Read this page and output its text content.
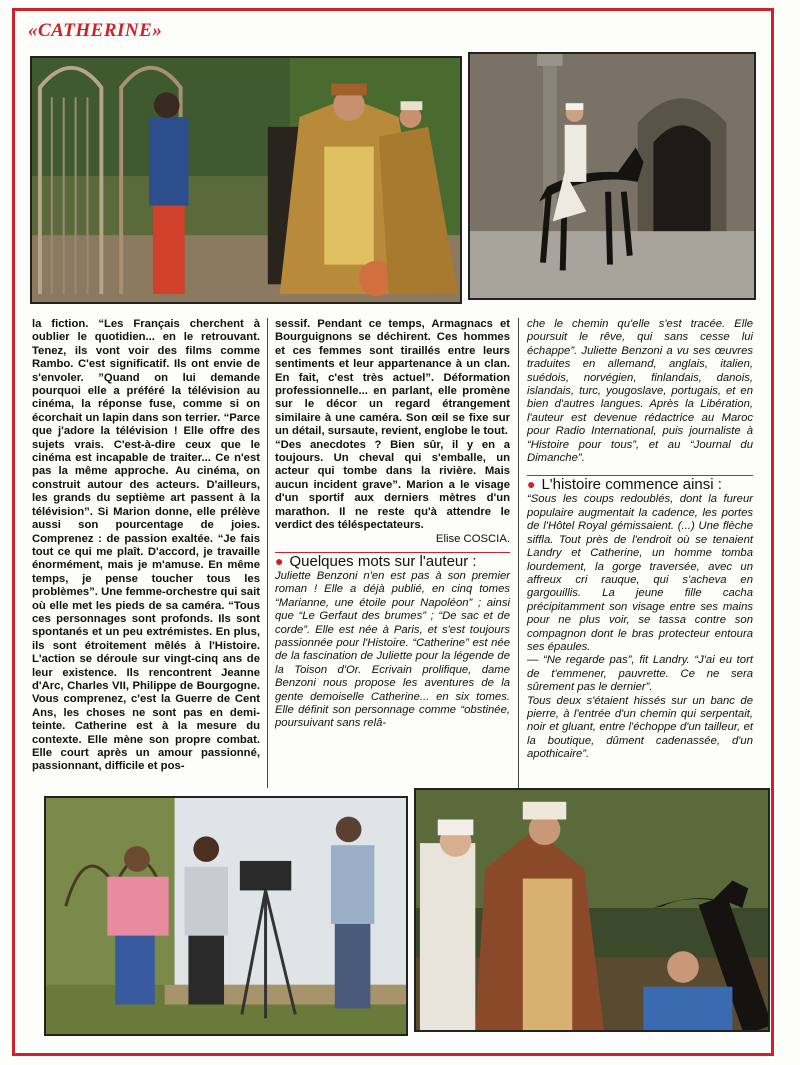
«CATHERINE»

la fiction. “Les Français cherchent à oublier le quotidien... en le retrouvant. Tenez, ils vont voir des films comme Rambo. C'est significatif. Ils ont envie de s'envoler. ”Quand on lui demande pourquoi elle a préféré la télévision au cinéma, la réponse fuse, comme si on écorchait un lapin dans son terrier. “Parce que j'adore la télévision ! Elle offre des sujets vrais. C'est-à-dire ceux que le cinéma est incapable de traiter... Ce n'est pas la même approche. Au cinéma, on construit autour des acteurs. D'ailleurs, les grands du septième art passent à la télévision”. Si Marion donne, elle prélève aussi son pourcentage de joies. Comprenez : de passion exaltée. “Je fais tout ce qui me plaît. D'accord, je travaille énormément, mais je m'amuse. En même temps, je pense toucher tous les problèmes”. Une femme-orchestre qui sait où elle met les pieds de sa caméra. “Tous ces personnages sont profonds. Ils sont spontanés et un peu extrémistes. En plus, ils sont étroitement mêlés à l'Histoire. L'action se déroule sur vingt-cinq ans de leur existence. Ils rencontrent Jeanne d'Arc, Charles VII, Philippe de Bourgogne. Vous comprenez, c'est la Guerre de Cent Ans, les choses ne sont pas en demi-teinte. Catherine est à la mesure du contexte. Elle mène son propre combat. Elle court après un amour passionné, passionnant, difficile et pos-

sessif. Pendant ce temps, Armagnacs et Bourguignons se déchirent. Ces hommes et ces femmes sont tiraillés entre leurs sentiments et leur appartenance à un clan. En fait, c'est très actuel”. Déformation professionnelle... en parlant, elle promène sur le décor un regard étrangement similaire à une caméra. Son œil se fixe sur un détail, sursaute, revient, englobe le tout.

“Des anecdotes ? Bien sûr, il y en a toujours. Un cheval qui s'emballe, un acteur qui tombe dans la rivière. Mais aucun incident grave”. Marion a le visage d'un sportif aux derniers mètres d'un marathon. Il ne reste qu'à attendre le verdict des téléspectateurs.

Elise COSCIA.

● Quelques mots sur l'auteur :

Juliette Benzoni n'en est pas à son premier roman ! Elle a déjà publié, en cinq tomes “Marianne, une étoile pour Napoléon” ; ainsi que “Le Gerfaut des brumes” ; “De sac et de corde”. Elle est née à Paris, et s'est toujours passionnée pour l'Histoire. “Catherine” est née de la fascination de Juliette pour la légende de la Toison d'Or. Ecrivain prolifique, dame Benzoni nous propose les aventures de la gente demoiselle Catherine... en six tomes. Elle définit son personnage comme “obstinée, poursuivant sans relâ-

che le chemin qu'elle s'est tracée. Elle poursuit le rêve, qui sans cesse lui échappe”. Juliette Benzoni a vu ses œuvres traduites en allemand, anglais, italien, suédois, norvégien, finlandais, danois, islandais, turc, yougoslave, portugais, et en bien d'autres langues. Après la Libération, l'auteur est devenue rédactrice au Maroc pour Radio International, puis journaliste à “Histoire pour tous”, et au “Journal du Dimanche”.

● L'histoire commence ainsi :

“Sous les coups redoublés, dont la fureur populaire augmentait la cadence, les portes de l'Hôtel Royal gémissaient. (...) Une flèche siffla. Tout près de l'endroit où se tenaient Landry et Catherine, un homme tomba lourdement, la gorge traversée, avec un affreux cri rauque, qui s'acheva en gargouillis. La jeune fille cacha précipitamment son visage entre ses mains pour ne plus voir, se tassa contre son compagnon dont le bras protecteur entoura ses épaules.

— “Ne regarde pas”, fit Landry. “J'ai eu tort de t'emmener, pauvrette. Ce ne sera sûrement pas le dernier”.

Tous deux s'étaient hissés sur un banc de pierre, à l'entrée d'un chemin qui serpentait, noir et gluant, entre l'échoppe d'un tailleur, et la boutique, dûment cadenassée, d'un apothicaire”.
